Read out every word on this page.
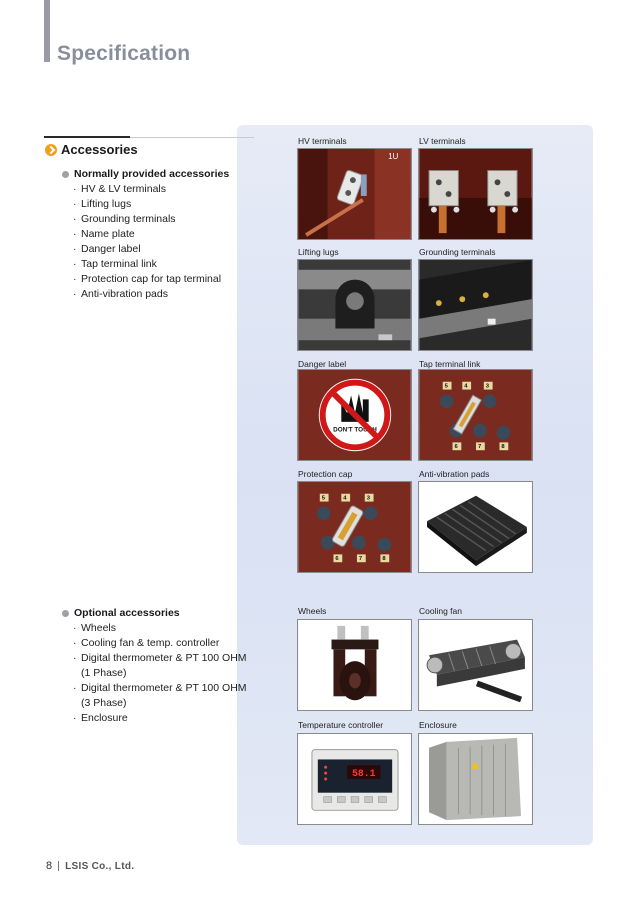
Specification
Accessories
Normally provided accessories
· HV & LV terminals
· Lifting lugs
· Grounding terminals
· Name plate
· Danger label
· Tap terminal link
· Protection cap for tap terminal
· Anti-vibration pads
Optional accessories
· Wheels
· Cooling fan & temp. controller
· Digital thermometer & PT 100 OHM
(1 Phase)
· Digital thermometer & PT 100 OHM
(3 Phase)
· Enclosure
HV terminals	LV terminals
1U
Lifting lugs	Grounding terminals
Danger label	Tap terminal link
DON'T TOUCH
5	4	3
6	7	8
Protection cap	Anti-vibration pads
5	4	3
6	7	8
Wheels	Cooling fan
Temperature controller	Enclosure
58.1
8 LSIS Co., Ltd.
